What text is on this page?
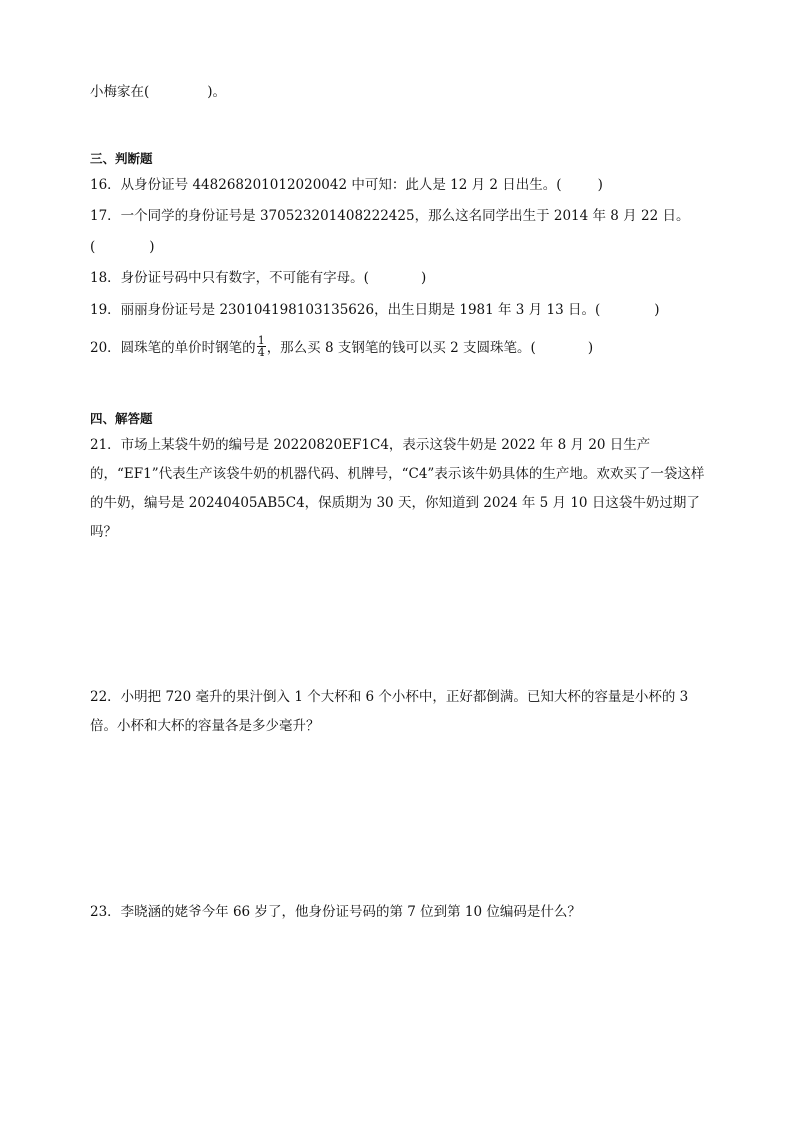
小梅家在(	)。
三、判断题
16．从身份证号 448268201012020042 中可知：此人是 12 月 2 日出生。(	)
17．一个同学的身份证号是 370523201408222425，那么这名同学出生于 2014 年 8 月 22 日。
(	)
18．身份证号码中只有数字，不可能有字母。(	)
19．丽丽身份证号是 230104198103135626，出生日期是 1981 年 3 月 13 日。(	)
20．圆珠笔的单价时钢笔的 $\frac{1}{4}$ ，那么买 8 支钢笔的钱可以买 2 支圆珠笔。(	)
四、解答题
21．市场上某袋牛奶的编号是 20220820EF1C4，表示这袋牛奶是 2022 年 8 月 20 日生产的，“EF1”代表生产该袋牛奶的机器代码、机牌号，“C4”表示该牛奶具体的生产地。欢欢买了一袋这样的牛奶，编号是 20240405AB5C4，保质期为 30 天，你知道到 2024 年 5 月 10 日这袋牛奶过期了吗？
22．小明把 720 毫升的果汁倒入 1 个大杯和 6 个小杯中，正好都倒满。已知大杯的容量是小杯的 3 倍。小杯和大杯的容量各是多少毫升？
23．李晓涵的姥爷今年 66 岁了，他身份证号码的第 7 位到第 10 位编码是什么？
